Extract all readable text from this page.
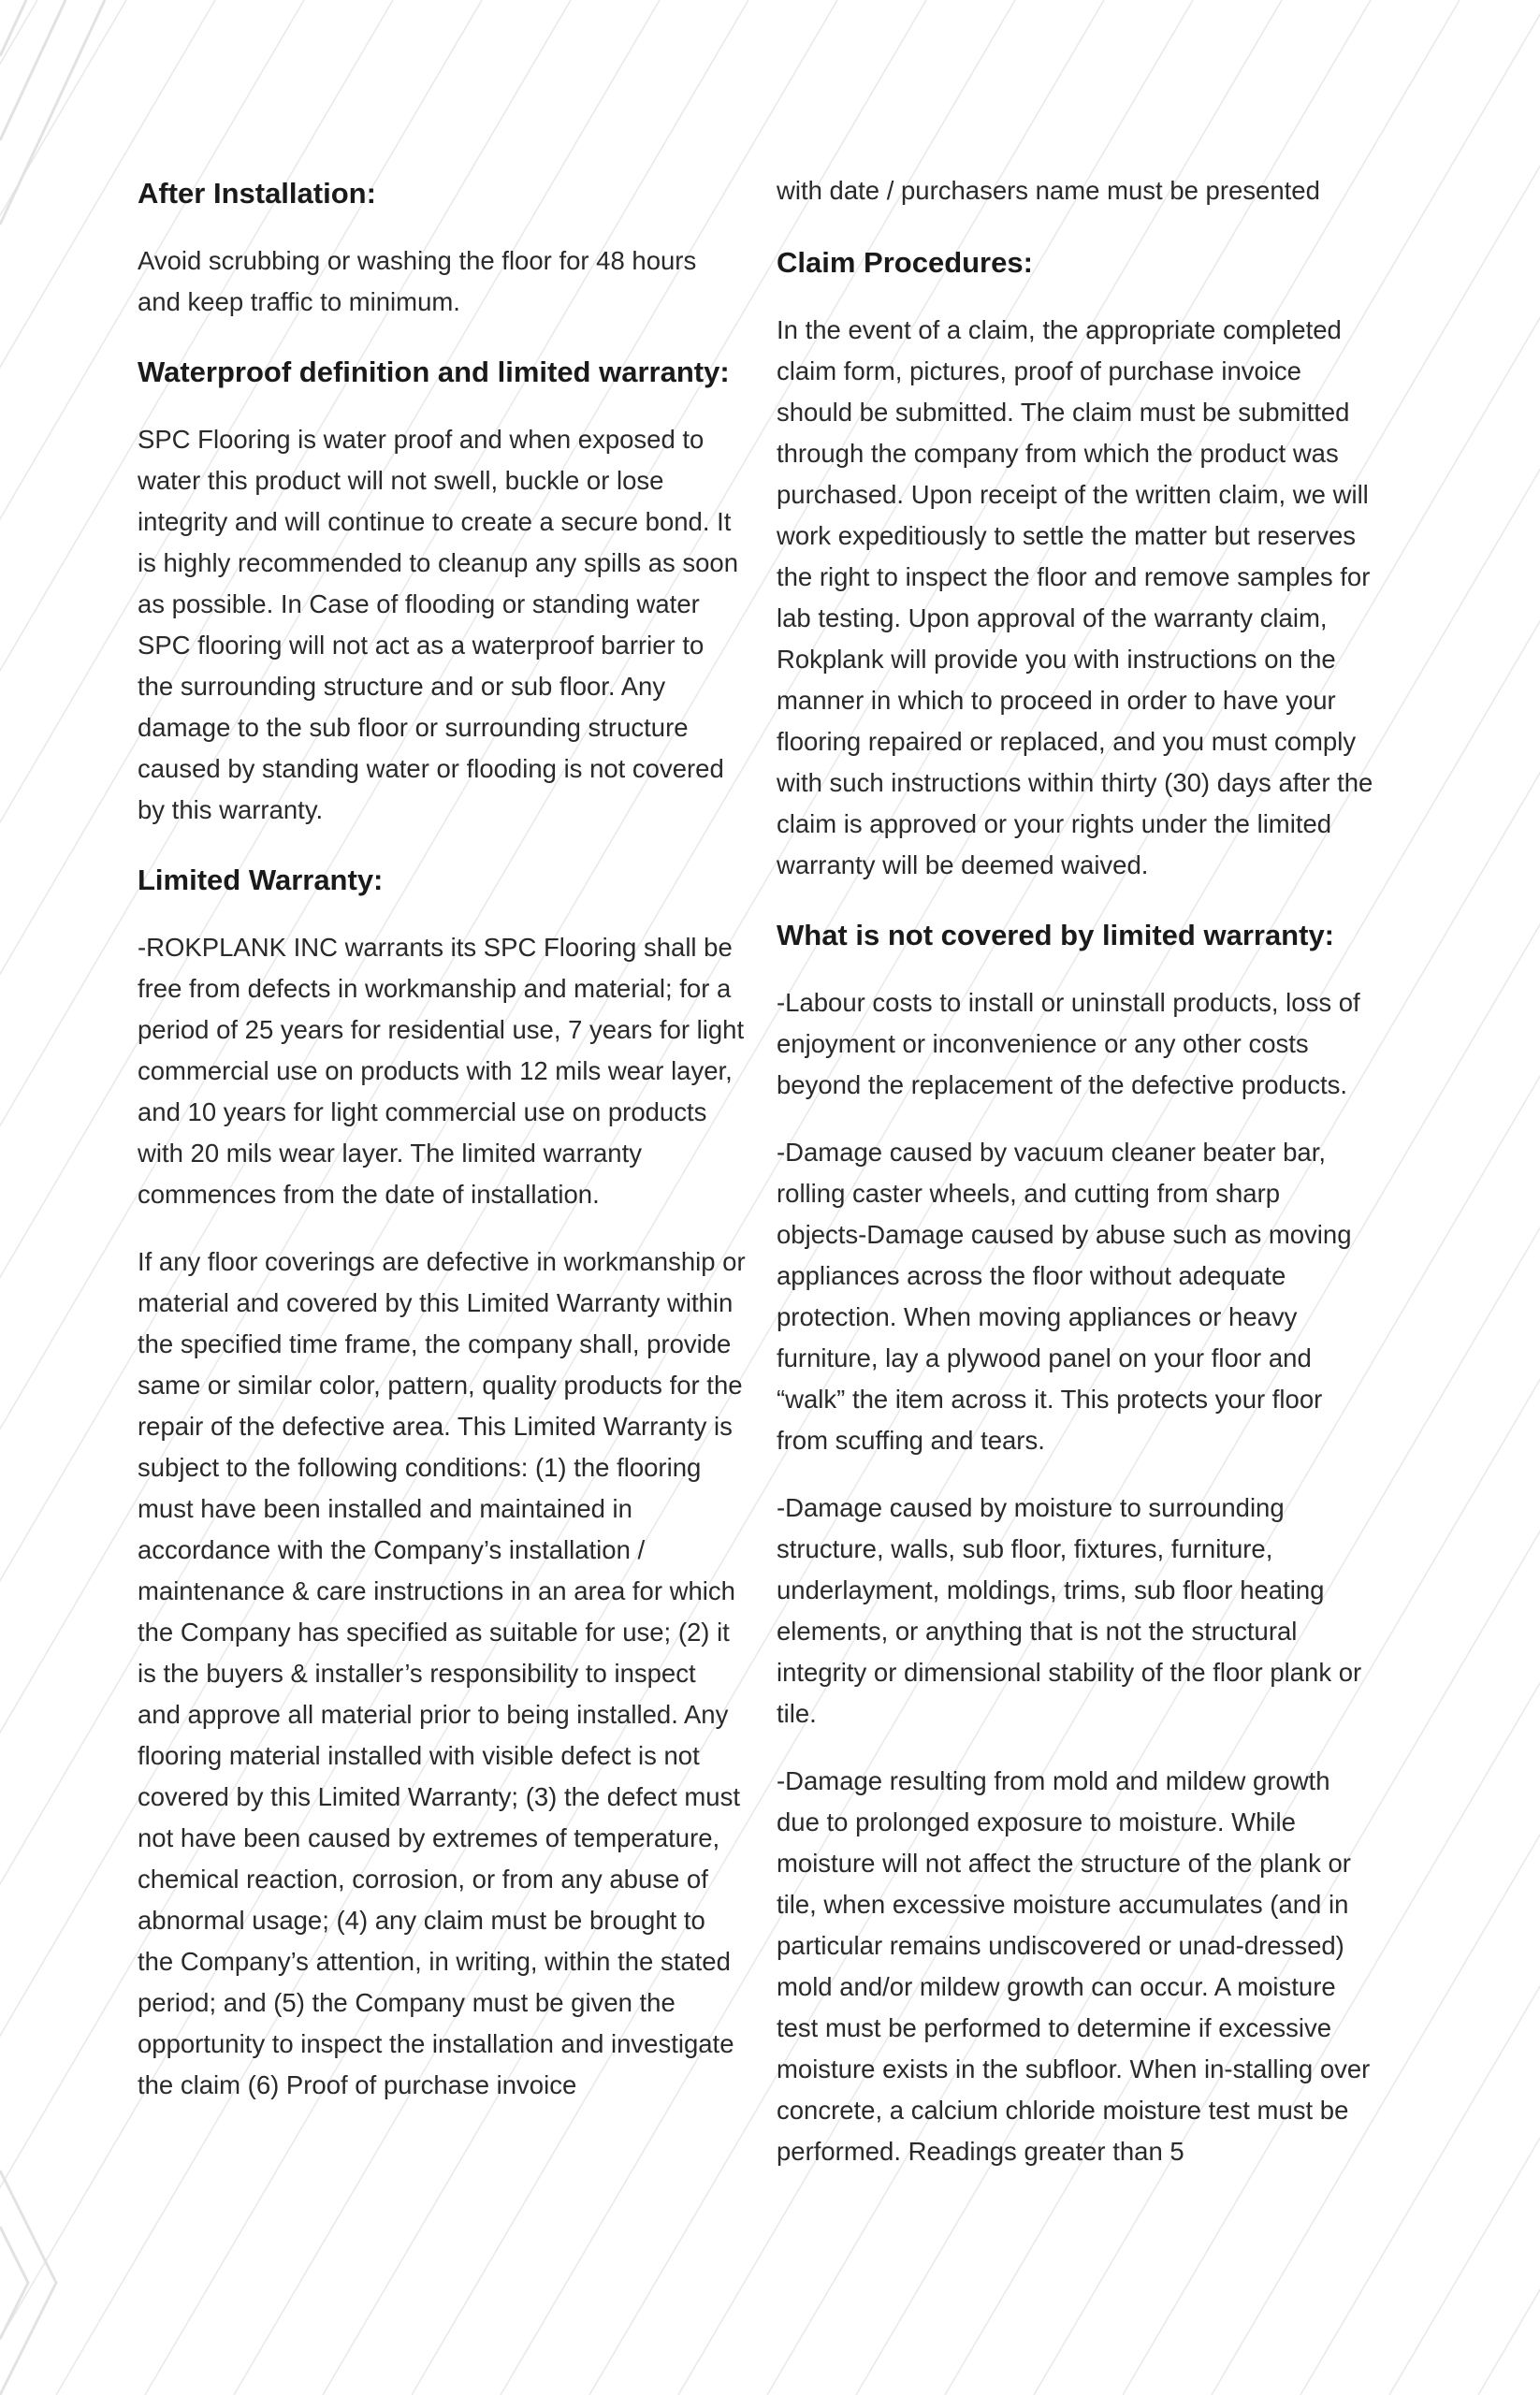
After Installation:

Avoid scrubbing or washing the floor for 48 hours and keep traffic to minimum.

Waterproof definition and limited warranty:

SPC Flooring is water proof and when exposed to water this product will not swell, buckle or lose integrity and will continue to create a secure bond. It is highly recommended to cleanup any spills as soon as possible. In Case of flooding or standing water SPC flooring will not act as a waterproof barrier to the surrounding structure and or sub floor. Any damage to the sub floor or surrounding structure caused by standing water or flooding is not covered by this warranty.

Limited Warranty:

-ROKPLANK INC warrants its SPC Flooring shall be free from defects in workmanship and material; for a period of 25 years for residential use, 7 years for light commercial use on products with 12 mils wear layer, and 10 years for light commercial use on products with 20 mils wear layer. The limited warranty commences from the date of installation.

If any floor coverings are defective in workmanship or material and covered by this Limited Warranty within the specified time frame, the company shall, provide same or similar color, pattern, quality products for the repair of the defective area. This Limited Warranty is subject to the following conditions: (1) the flooring must have been installed and maintained in accordance with the Company’s installation / maintenance & care instructions in an area for which the Company has specified as suitable for use; (2) it is the buyers & installer’s responsibility to inspect and approve all material prior to being installed. Any flooring material installed with visible defect is not covered by this Limited Warranty; (3) the defect must not have been caused by extremes of temperature, chemical reaction, corrosion, or from any abuse of abnormal usage; (4) any claim must be brought to the Company’s attention, in writing, within the stated period; and (5) the Company must be given the opportunity to inspect the installation and investigate the claim (6) Proof of purchase invoice

with date / purchasers name must be presented

Claim Procedures:

In the event of a claim, the appropriate completed claim form, pictures, proof of purchase invoice should be submitted. The claim must be submitted through the company from which the product was purchased. Upon receipt of the written claim, we will work expeditiously to settle the matter but reserves the right to inspect the floor and remove samples for lab testing. Upon approval of the warranty claim, Rokplank will provide you with instructions on the manner in which to proceed in order to have your flooring repaired or replaced, and you must comply with such instructions within thirty (30) days after the claim is approved or your rights under the limited warranty will be deemed waived.

What is not covered by limited warranty:

-Labour costs to install or uninstall products, loss of enjoyment or inconvenience or any other costs beyond the replacement of the defective products.

-Damage caused by vacuum cleaner beater bar, rolling caster wheels, and cutting from sharp objects-Damage caused by abuse such as moving appliances across the floor without adequate protection. When moving appliances or heavy furniture, lay a plywood panel on your floor and “walk” the item across it. This protects your floor from scuffing and tears.

-Damage caused by moisture to surrounding structure, walls, sub floor, fixtures, furniture, underlayment, moldings, trims, sub floor heating elements, or anything that is not the structural integrity or dimensional stability of the floor plank or tile.

-Damage resulting from mold and mildew growth due to prolonged exposure to moisture. While moisture will not affect the structure of the plank or tile, when excessive moisture accumulates (and in particular remains undiscovered or unad-dressed) mold and/or mildew growth can occur. A moisture test must be performed to determine if excessive moisture exists in the subfloor. When in-stalling over concrete, a calcium chloride moisture test must be performed. Readings greater than 5
